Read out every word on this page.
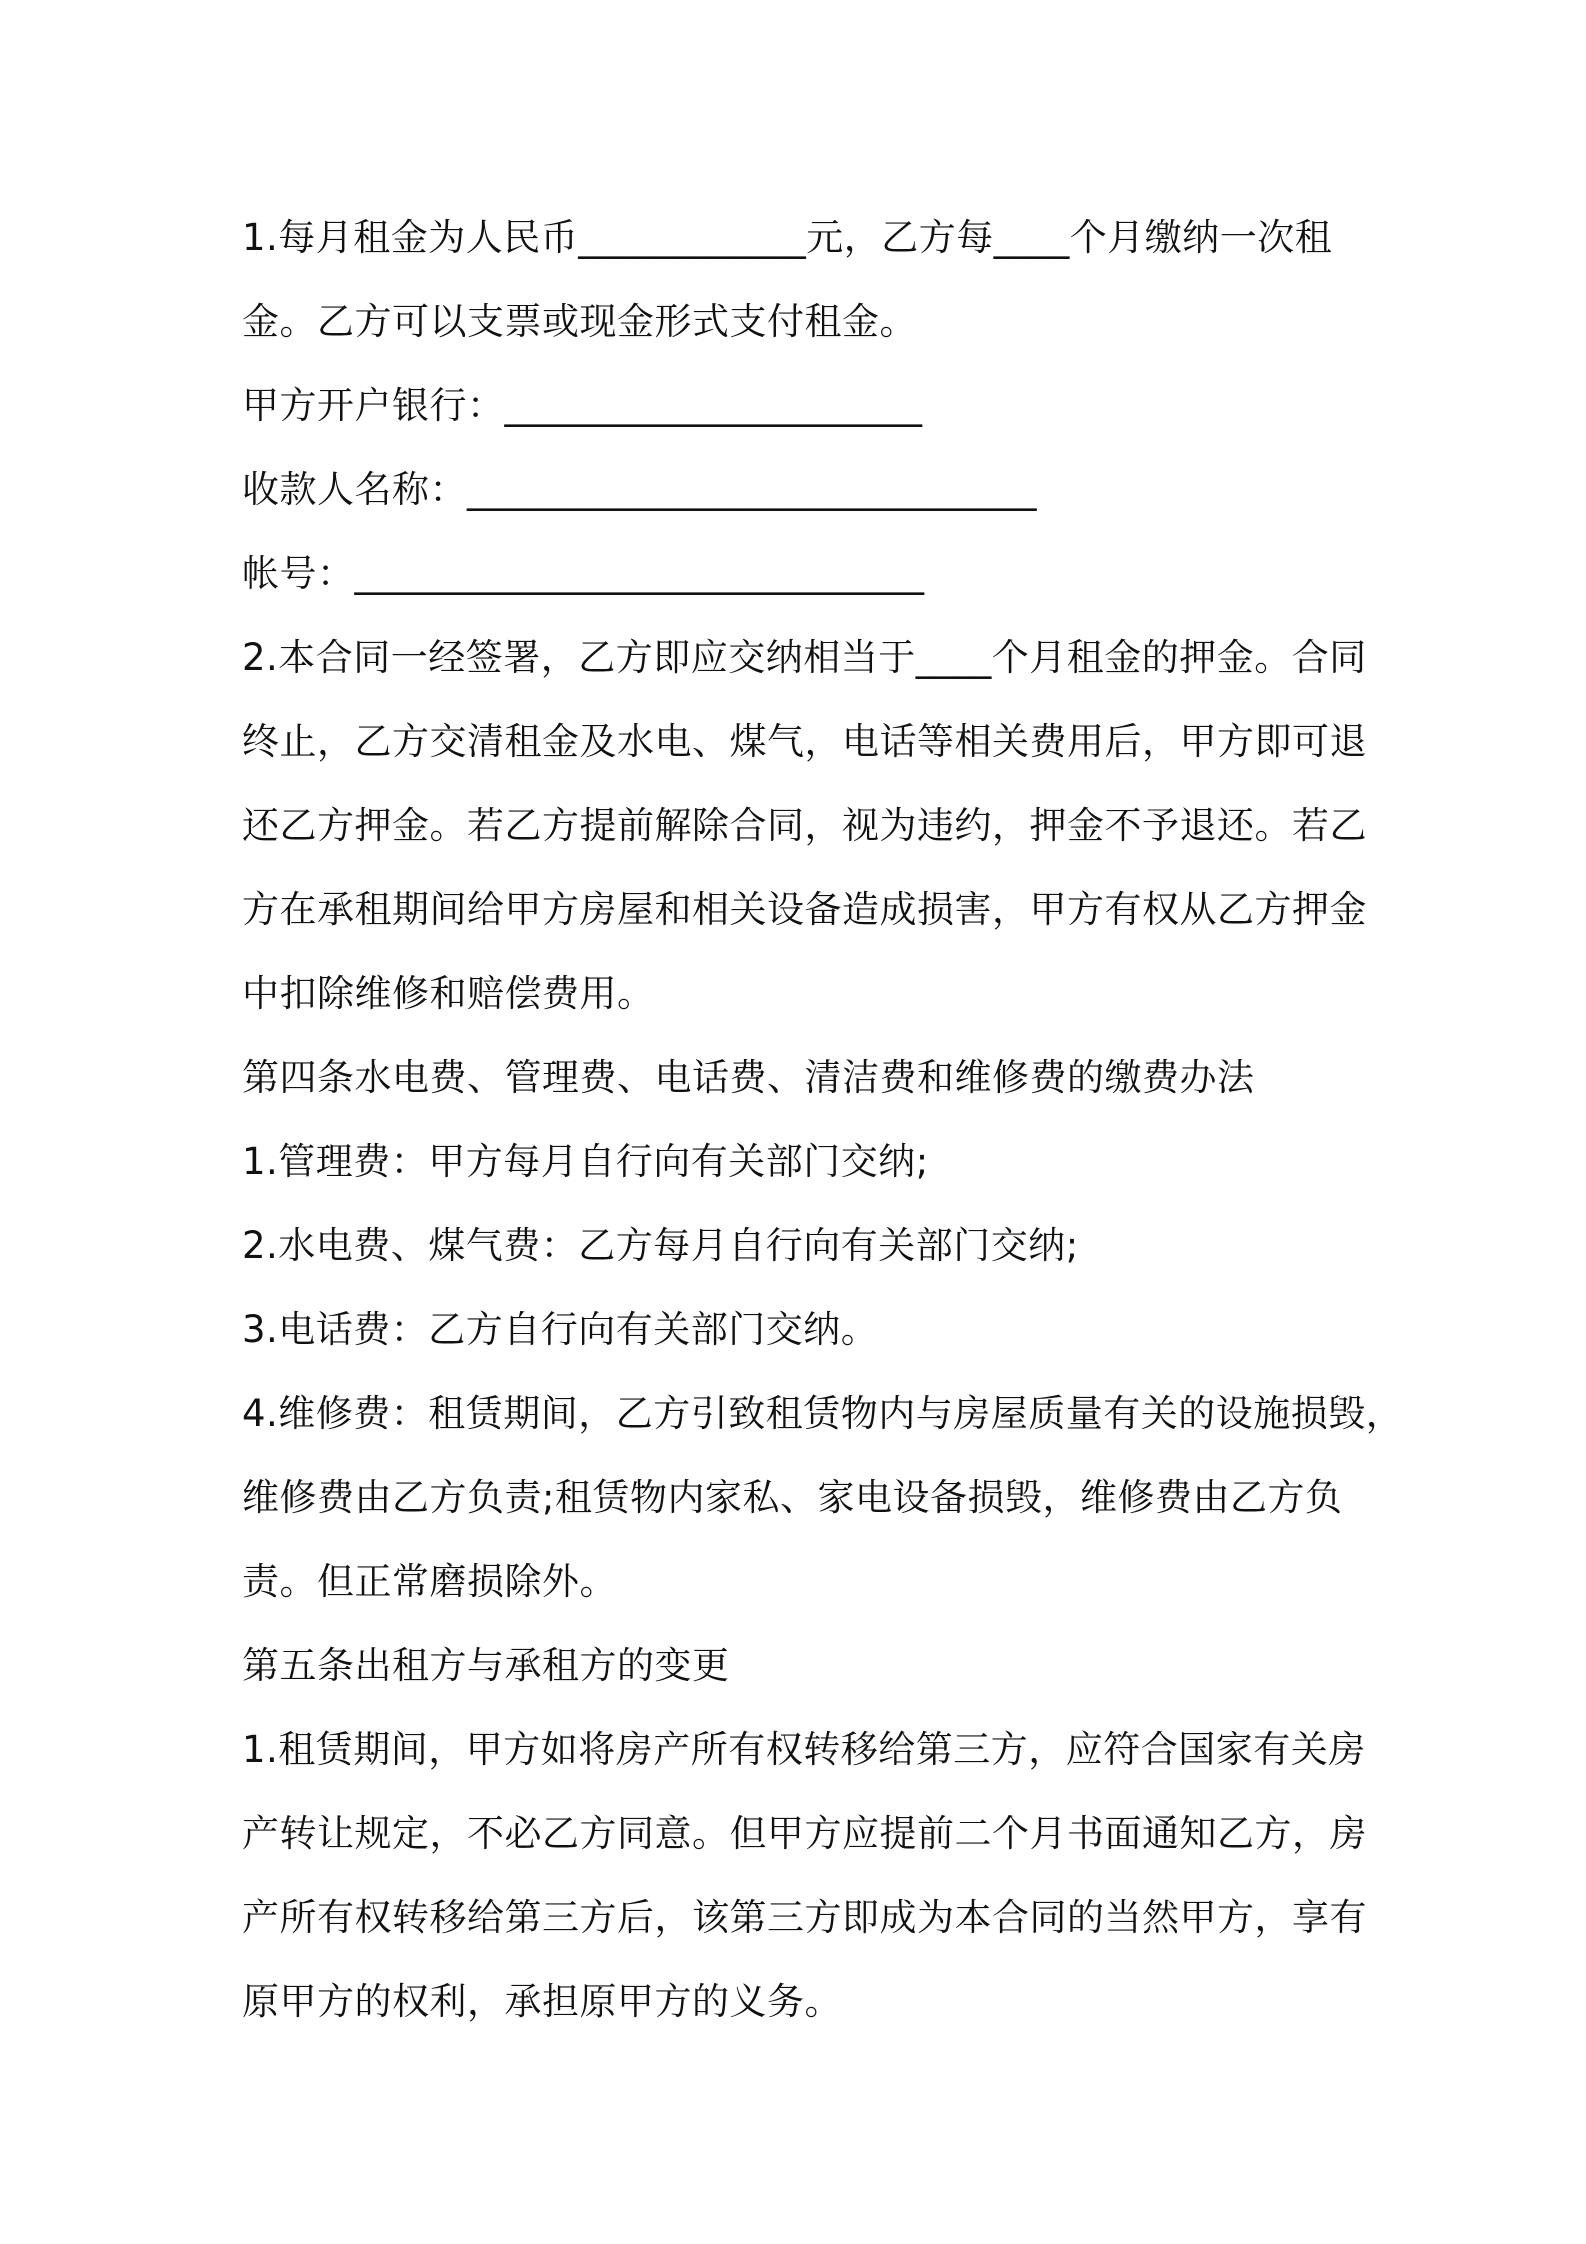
1.每月租金为人民币____________元，乙方每____个月缴纳一次租
金。乙方可以支票或现金形式支付租金。
甲方开户银行：______________________
收款人名称：______________________________
帐号：______________________________
2.本合同一经签署，乙方即应交纳相当于____个月租金的押金。合同
终止，乙方交清租金及水电、煤气，电话等相关费用后，甲方即可退
还乙方押金。若乙方提前解除合同，视为违约，押金不予退还。若乙
方在承租期间给甲方房屋和相关设备造成损害，甲方有权从乙方押金
中扣除维修和赔偿费用。
第四条水电费、管理费、电话费、清洁费和维修费的缴费办法
1.管理费：甲方每月自行向有关部门交纳;
2.水电费、煤气费：乙方每月自行向有关部门交纳;
3.电话费：乙方自行向有关部门交纳。
4.维修费：租赁期间，乙方引致租赁物内与房屋质量有关的设施损毁，
维修费由乙方负责;租赁物内家私、家电设备损毁，维修费由乙方负
责。但正常磨损除外。
第五条出租方与承租方的变更
1.租赁期间，甲方如将房产所有权转移给第三方，应符合国家有关房
产转让规定，不必乙方同意。但甲方应提前二个月书面通知乙方，房
产所有权转移给第三方后，该第三方即成为本合同的当然甲方，享有
原甲方的权利，承担原甲方的义务。
